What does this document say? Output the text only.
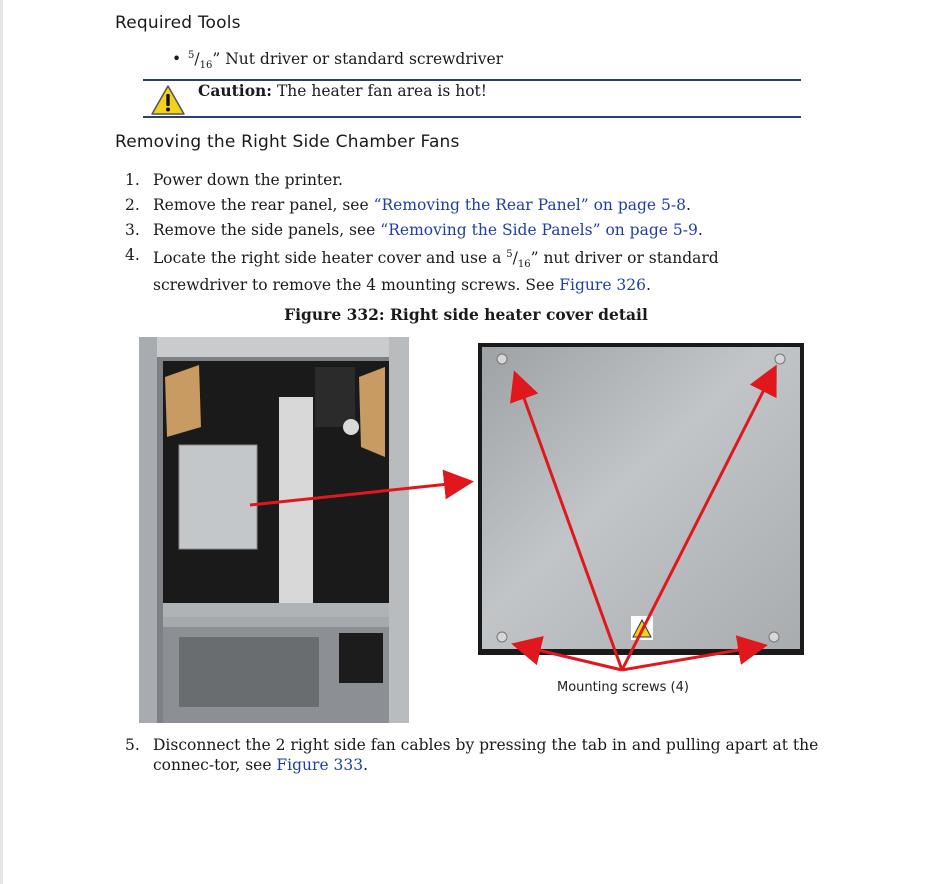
Required Tools
• $^5/_{16}$” Nut driver or standard screwdriver
Caution: The heater fan area is hot!
Removing the Right Side Chamber Fans
1. Power down the printer.
2. Remove the rear panel, see “Removing the Rear Panel” on page 5-8.
3. Remove the side panels, see “Removing the Side Panels” on page 5-9.
4. Locate the right side heater cover and use a $^5/_{16}$” nut driver or standard screwdriver to remove the 4 mounting screws. See Figure 326.
Figure 332: Right side heater cover detail
Mounting screws (4)
5. Disconnect the 2 right side fan cables by pressing the tab in and pulling apart at the connec-tor, see Figure 333.
